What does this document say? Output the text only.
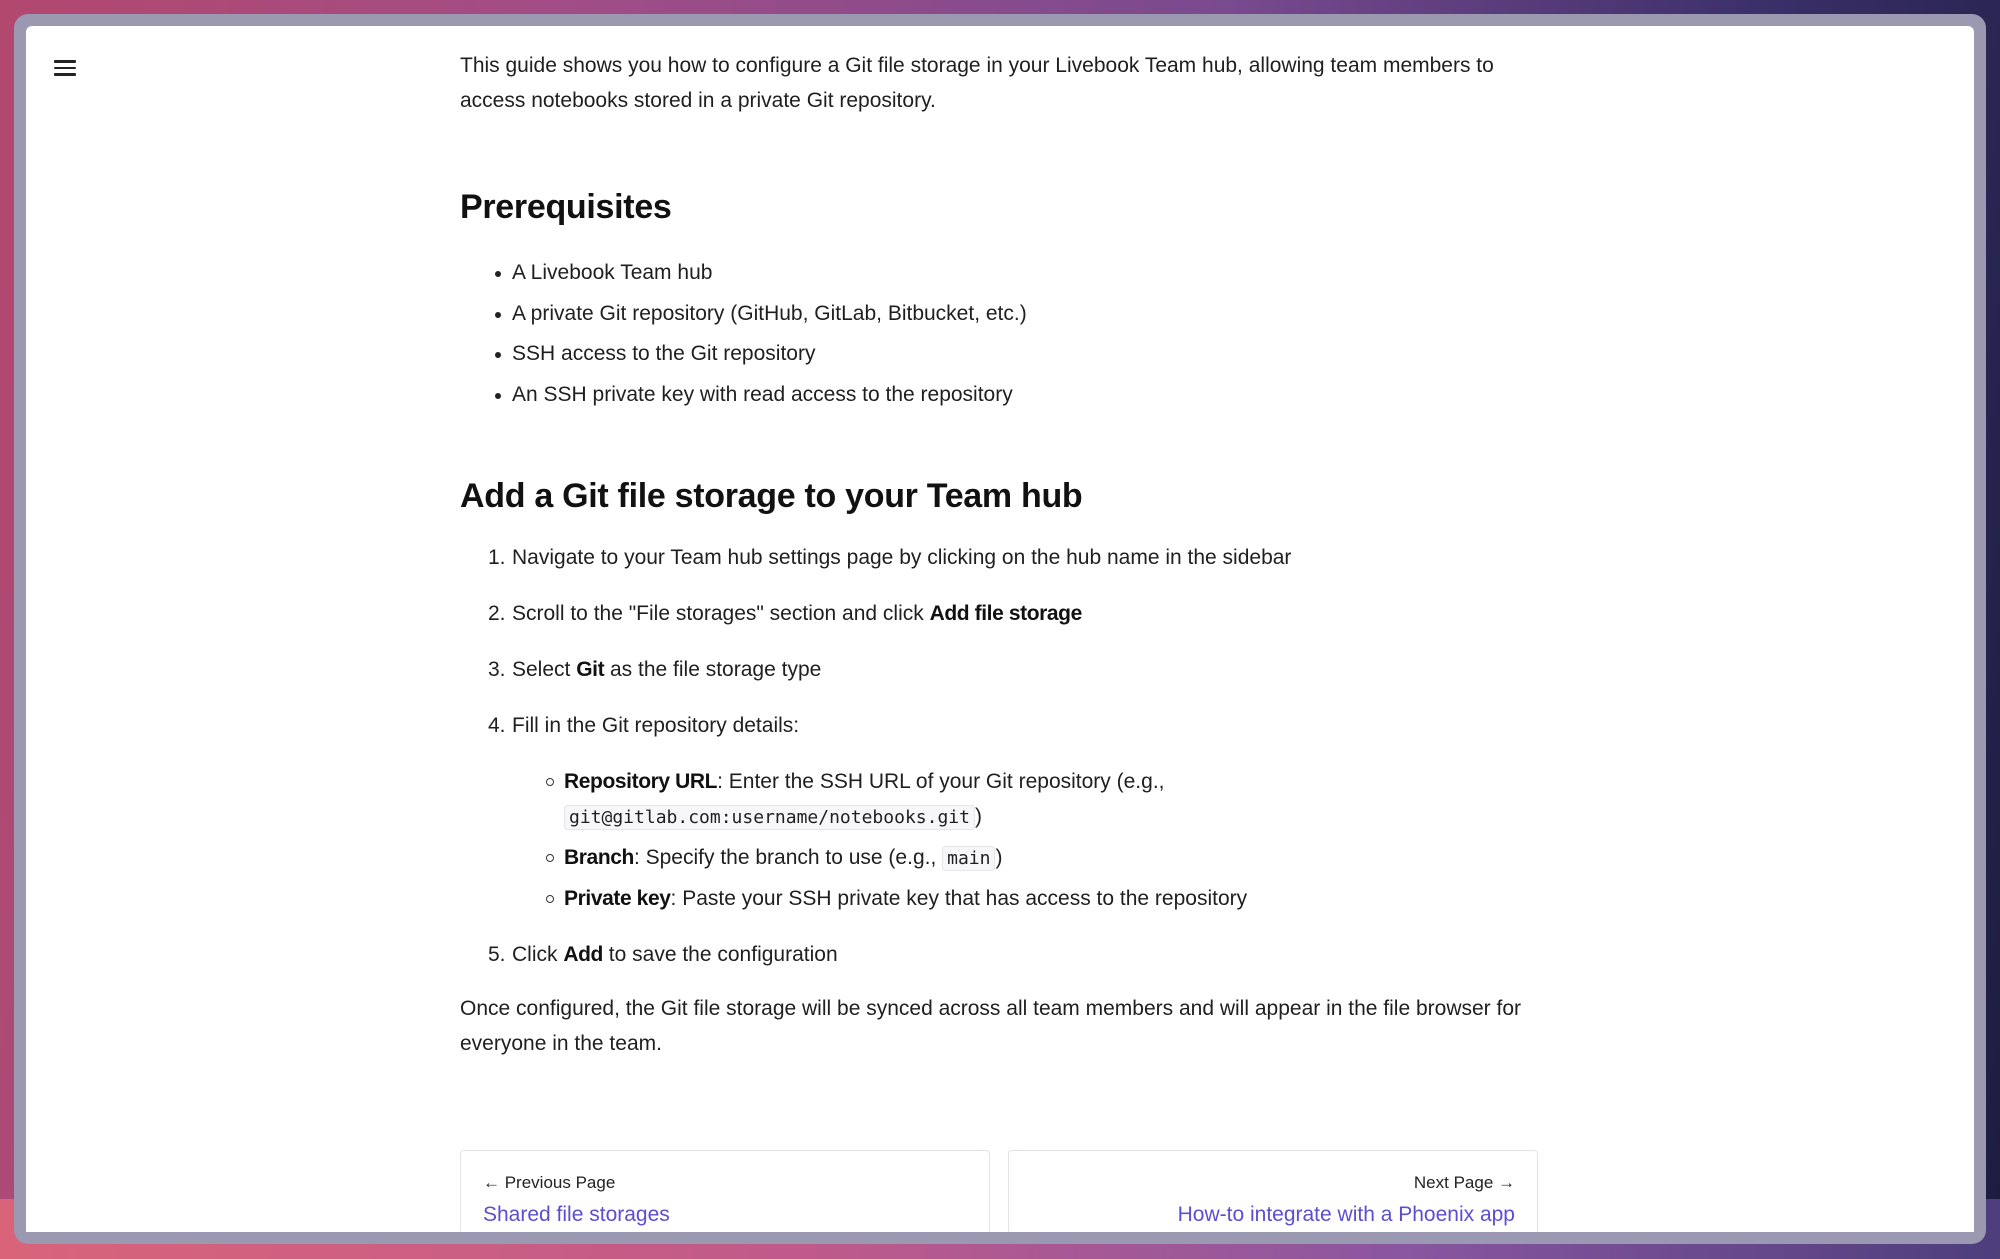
This guide shows you how to configure a Git file storage in your Livebook Team hub, allowing team members to access notebooks stored in a private Git repository.

Prerequisites
A Livebook Team hub
A private Git repository (GitHub, GitLab, Bitbucket, etc.)
SSH access to the Git repository
An SSH private key with read access to the repository
Add a Git file storage to your Team hub
1. Navigate to your Team hub settings page by clicking on the hub name in the sidebar
2. Scroll to the "File storages" section and click Add file storage
3. Select Git as the file storage type
4. Fill in the Git repository details:
Repository URL: Enter the SSH URL of your Git repository (e.g.,
git@gitlab.com:username/notebooks.git )
Branch: Specify the branch to use (e.g., main )
Private key: Paste your SSH private key that has access to the repository
5. Click Add to save the configuration

Once configured, the Git file storage will be synced across all team members and will appear in the file browser for everyone in the team.

← Previous Page
Shared file storages
Next Page →
How-to integrate with a Phoenix app
